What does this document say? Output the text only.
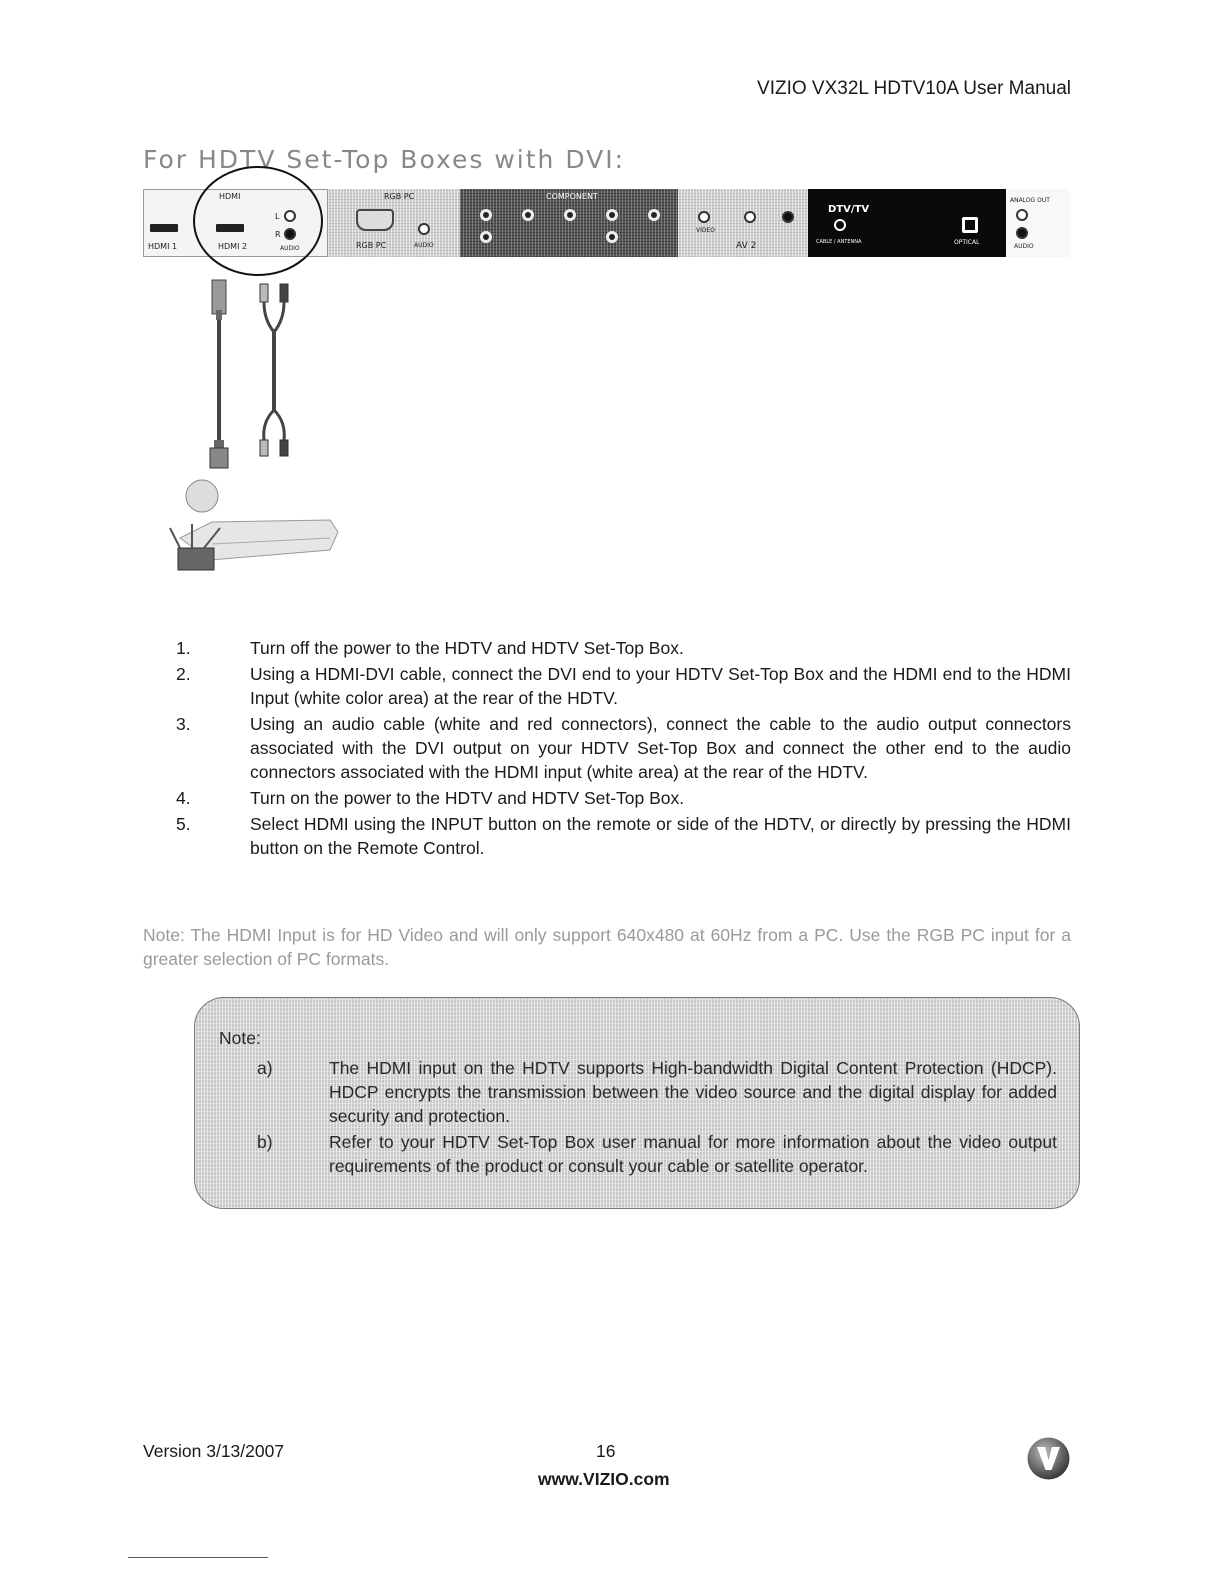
VIZIO VX32L HDTV10A User Manual
For HDTV Set-Top Boxes with DVI:
HDMI
HDMI 1	HDMI 2
L
R
AUDIO
RGB PC
RGB PC	AUDIO
COMPONENT
VIDEO
AV 2
DTV/TV
CABLE / ANTENNA	OPTICAL
ANALOG OUT
AUDIO
1.	Turn off the power to the HDTV and HDTV Set-Top Box.
2.	Using a HDMI-DVI cable, connect the DVI end to your HDTV Set-Top Box and the HDMI end to the HDMI Input (white color area) at the rear of the HDTV.
3.	Using an audio cable (white and red connectors), connect the cable to the audio output connectors associated with the DVI output on your HDTV Set-Top Box and connect the other end to the audio connectors associated with the HDMI input (white area) at the rear of the HDTV.
4.	Turn on the power to the HDTV and HDTV Set-Top Box.
5.	Select HDMI using the INPUT button on the remote or side of the HDTV, or directly by pressing the HDMI button on the Remote Control.
Note: The HDMI Input is for HD Video and will only support 640x480 at 60Hz from a PC. Use the RGB PC input for a greater selection of PC formats.
Note:
a)	The HDMI input on the HDTV supports High-bandwidth Digital Content Protection (HDCP). HDCP encrypts the transmission between the video source and the digital display for added security and protection.
b)	Refer to your HDTV Set-Top Box user manual for more information about the video output requirements of the product or consult your cable or satellite operator.
Version 3/13/2007	16
www.VIZIO.com
